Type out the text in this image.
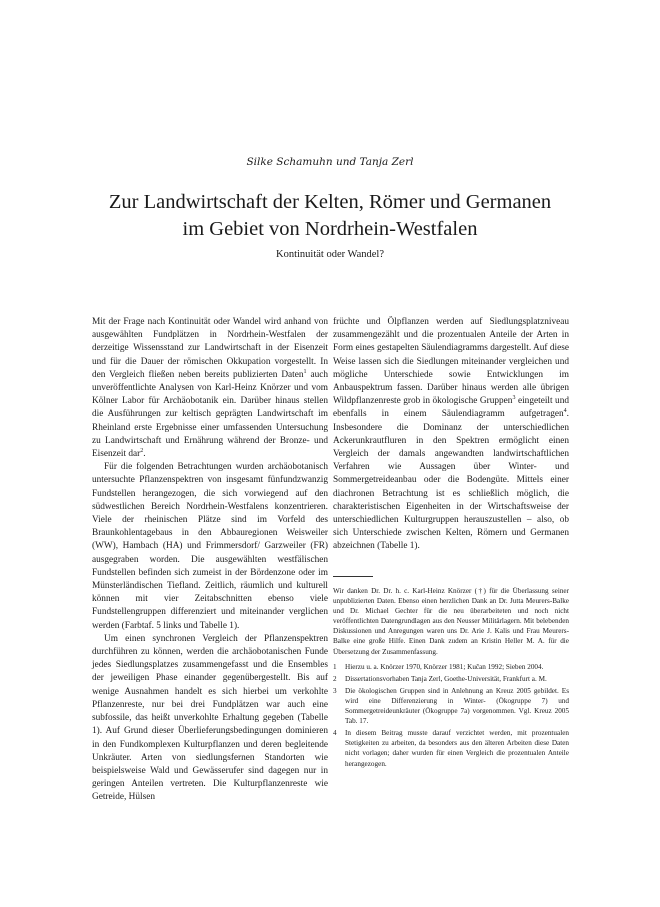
Silke Schamuhn und Tanja Zerl
Zur Landwirtschaft der Kelten, Römer und Germanen
im Gebiet von Nordrhein-Westfalen
Kontinuität oder Wandel?

Mit der Frage nach Kontinuität oder Wandel wird anhand von ausgewählten Fundplätzen in Nordrhein-Westfalen der derzeitige Wissensstand zur Landwirtschaft in der Eisenzeit und für die Dauer der römischen Okkupation vorgestellt. In den Vergleich fließen neben bereits publizierten Daten$^1$ auch unveröffentlichte Analysen von Karl-Heinz Knörzer und vom Kölner Labor für Archäobotanik ein. Darüber hinaus stellen die Ausführungen zur keltisch geprägten Landwirtschaft im Rheinland erste Ergebnisse einer umfassenden Untersuchung zu Landwirtschaft und Ernährung während der Bronze- und Eisenzeit dar$^2$.

Für die folgenden Betrachtungen wurden archäobotanisch untersuchte Pflanzenspektren von insgesamt fünfundzwanzig Fundstellen herangezogen, die sich vorwiegend auf den südwestlichen Bereich Nordrhein-Westfalens konzentrieren. Viele der rheinischen Plätze sind im Vorfeld des Braunkohlentagebaus in den Abbauregionen Weisweiler (WW), Hambach (HA) und Frimmersdorf/ Garzweiler (FR) ausgegraben worden. Die ausgewählten westfälischen Fundstellen befinden sich zumeist in der Bördenzone oder im Münsterländischen Tiefland. Zeitlich, räumlich und kulturell können mit vier Zeitabschnitten ebenso viele Fundstellengruppen differenziert und miteinander verglichen werden (Farbtaf. 5 links und Tabelle 1).

Um einen synchronen Vergleich der Pflanzenspektren durchführen zu können, werden die archäobotanischen Funde jedes Siedlungsplatzes zusammengefasst und die Ensembles der jeweiligen Phase einander gegenübergestellt. Bis auf wenige Ausnahmen handelt es sich hierbei um verkohlte Pflanzenreste, nur bei drei Fundplätzen war auch eine subfossile, das heißt unverkohlte Erhaltung gegeben (Tabelle 1). Auf Grund dieser Überlieferungsbedingungen dominieren in den Fundkomplexen Kulturpflanzen und deren begleitende Unkräuter. Arten von siedlungsfernen Standorten wie beispielsweise Wald und Gewässerufer sind dagegen nur in geringen Anteilen vertreten. Die Kulturpflanzenreste wie Getreide, Hülsen

früchte und Ölpflanzen werden auf Siedlungsplatzniveau zusammengezählt und die prozentualen Anteile der Arten in Form eines gestapelten Säulendiagramms dargestellt. Auf diese Weise lassen sich die Siedlungen miteinander vergleichen und mögliche Unterschiede sowie Entwicklungen im Anbauspektrum fassen. Darüber hinaus werden alle übrigen Wildpflanzenreste grob in ökologische Gruppen$^3$ eingeteilt und ebenfalls in einem Säulendiagramm aufgetragen$^4$. Insbesondere die Dominanz der unterschiedlichen Ackerunkrautfluren in den Spektren ermöglicht einen Vergleich der damals angewandten landwirtschaftlichen Verfahren wie Aussagen über Winter- und Sommergetreideanbau oder die Bodengüte. Mittels einer diachronen Betrachtung ist es schließlich möglich, die charakteristischen Eigenheiten in der Wirtschaftsweise der unterschiedlichen Kulturgruppen herauszustellen – also, ob sich Unterschiede zwischen Kelten, Römern und Germanen abzeichnen (Tabelle 1).

Wir danken Dr. Dr. h. c. Karl-Heinz Knörzer (†) für die Überlassung seiner unpublizierten Daten. Ebenso einen herzlichen Dank an Dr. Jutta Meurers-Balke und Dr. Michael Gechter für die neu überarbeiteten und noch nicht veröffentlichten Datengrundlagen aus den Neusser Militärlagern. Mit belebenden Diskussionen und Anregungen waren uns Dr. Arie J. Kalis und Frau Meurers-Balke eine große Hilfe. Einen Dank zudem an Kristin Heller M. A. für die Übersetzung der Zusammenfassung.

1	Hierzu u. a. Knörzer 1970, Knörzer 1981; Kučan 1992; Sieben 2004.
2	Dissertationsvorhaben Tanja Zerl, Goethe-Universität, Frankfurt a. M.
3	Die ökologischen Gruppen sind in Anlehnung an Kreuz 2005 gebildet. Es wird eine Differenzierung in Winter- (Ökogruppe 7) und Sommergetreideunkräuter (Ökogruppe 7a) vorgenommen. Vgl. Kreuz 2005 Tab. 17.
4	In diesem Beitrag musste darauf verzichtet werden, mit prozentualen Stetigkeiten zu arbeiten, da besonders aus den älteren Arbeiten diese Daten nicht vorlagen; daher wurden für einen Vergleich die prozentualen Anteile herangezogen.
